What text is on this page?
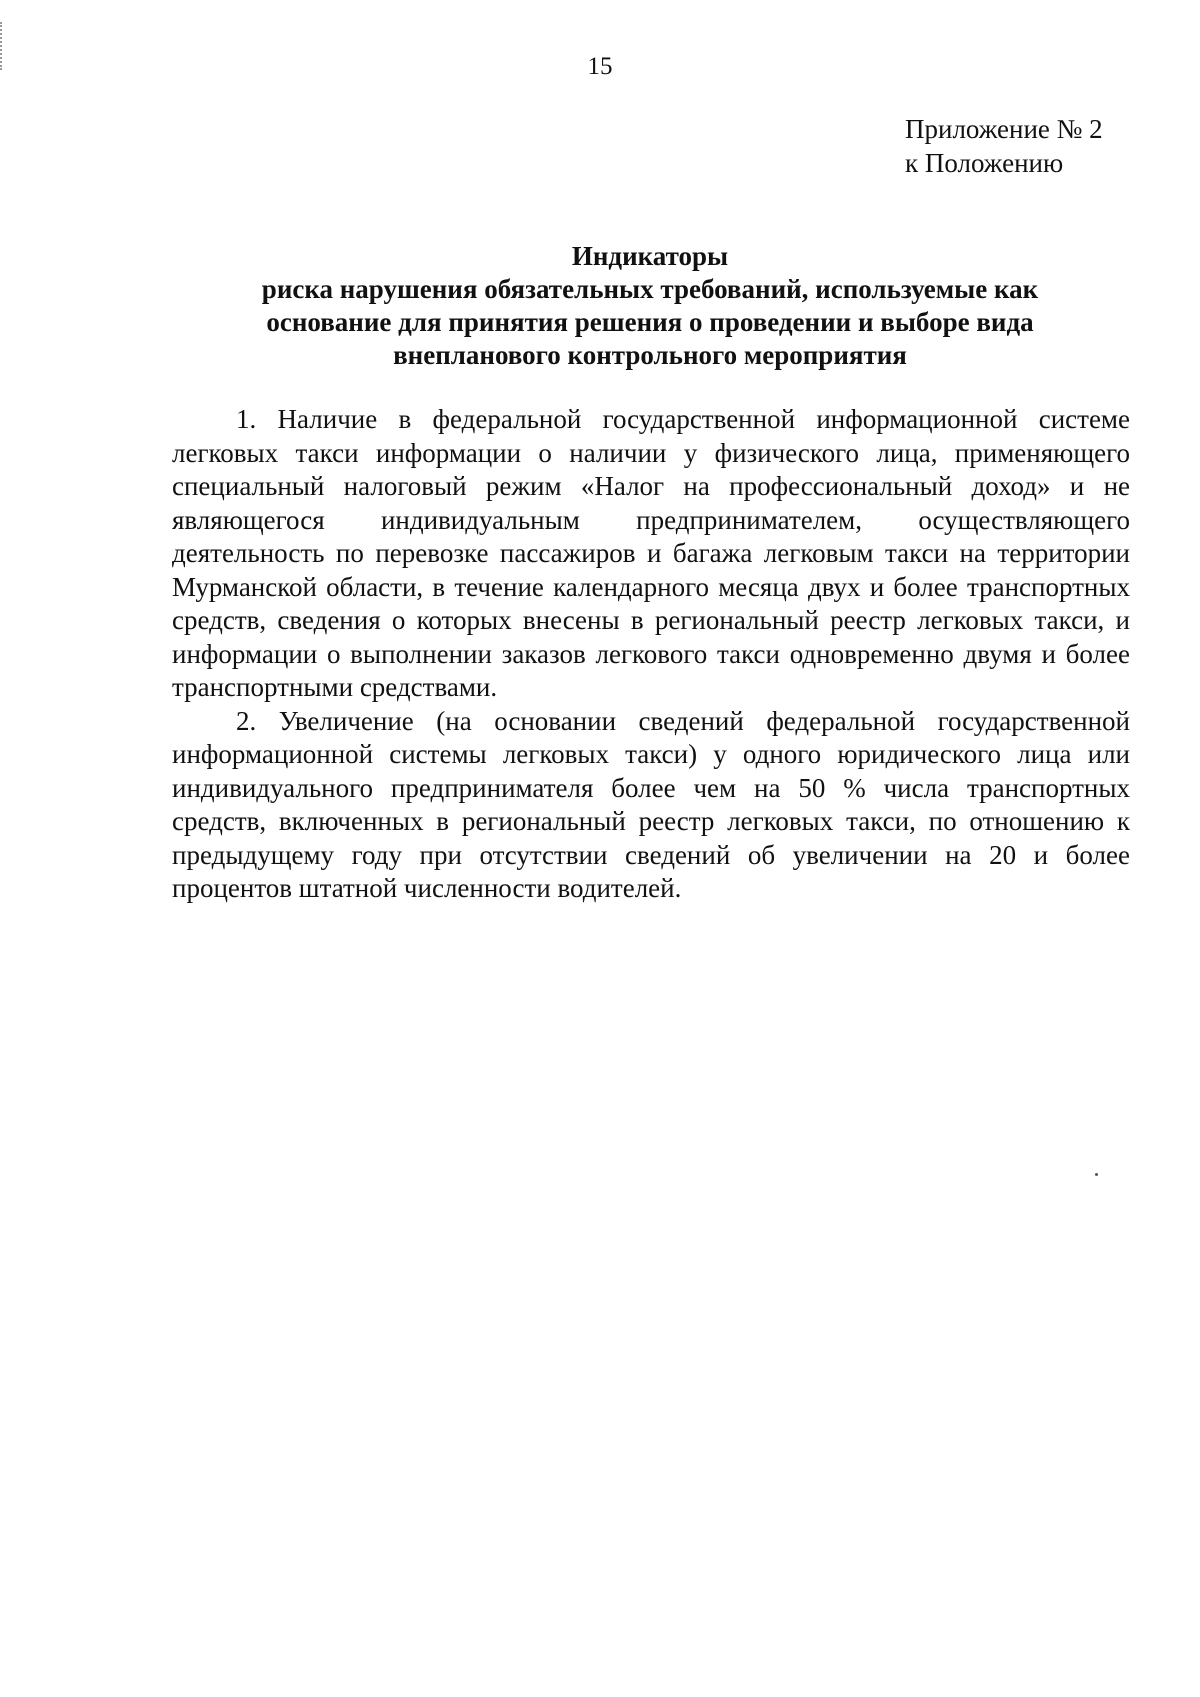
15
Приложение № 2
к Положению
Индикаторы
риска нарушения обязательных требований, используемые как
основание для принятия решения о проведении и выборе вида
внепланового контрольного мероприятия

1. Наличие в федеральной государственной информационной системе легковых такси информации о наличии у физического лица, применяющего специальный налоговый режим «Налог на профессиональный доход» и не являющегося индивидуальным предпринимателем, осуществляющего деятельность по перевозке пассажиров и багажа легковым такси на территории Мурманской области, в течение календарного месяца двух и более транспортных средств, сведения о которых внесены в региональный реестр легковых такси, и информации о выполнении заказов легкового такси одновременно двумя и более транспортными средствами.

2. Увеличение (на основании сведений федеральной государственной информационной системы легковых такси) у одного юридического лица или индивидуального предпринимателя более чем на 50 % числа транспортных средств, включенных в региональный реестр легковых такси, по отношению к предыдущему году при отсутствии сведений об увеличении на 20 и более процентов штатной численности водителей.
